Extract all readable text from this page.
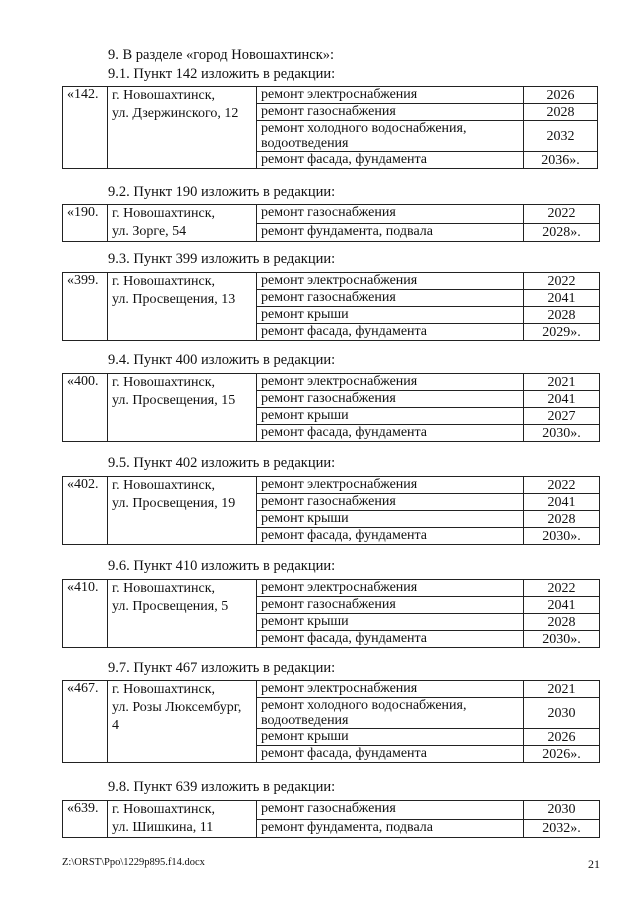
9. В разделе «город Новошахтинск»:
9.1. Пункт 142 изложить в редакции:
«142.	г. Новошахтинск,
ул. Дзержинского, 12	ремонт электроснабжения	2026
		ремонт газоснабжения	2028
		ремонт холодного водоснабжения, водоотведения	2032
		ремонт фасада, фундамента	2036».
9.2. Пункт 190 изложить в редакции:
«190.	г. Новошахтинск,
ул. Зорге, 54	ремонт газоснабжения	2022
		ремонт фундамента, подвала	2028».
9.3. Пункт 399 изложить в редакции:
«399.	г. Новошахтинск,
ул. Просвещения, 13	ремонт электроснабжения	2022
		ремонт газоснабжения	2041
		ремонт крыши	2028
		ремонт фасада, фундамента	2029».
9.4. Пункт 400 изложить в редакции:
«400.	г. Новошахтинск,
ул. Просвещения, 15	ремонт электроснабжения	2021
		ремонт газоснабжения	2041
		ремонт крыши	2027
		ремонт фасада, фундамента	2030».
9.5. Пункт 402 изложить в редакции:
«402.	г. Новошахтинск,
ул. Просвещения, 19	ремонт электроснабжения	2022
		ремонт газоснабжения	2041
		ремонт крыши	2028
		ремонт фасада, фундамента	2030».
9.6. Пункт 410 изложить в редакции:
«410.	г. Новошахтинск,
ул. Просвещения, 5	ремонт электроснабжения	2022
		ремонт газоснабжения	2041
		ремонт крыши	2028
		ремонт фасада, фундамента	2030».
9.7. Пункт 467 изложить в редакции:
«467.	г. Новошахтинск,
ул. Розы Люксембург,
4	ремонт электроснабжения	2021
		ремонт холодного водоснабжения, водоотведения	2030
		ремонт крыши	2026
		ремонт фасада, фундамента	2026».
9.8. Пункт 639 изложить в редакции:
«639.	г. Новошахтинск,
ул. Шишкина, 11	ремонт газоснабжения	2030
		ремонт фундамента, подвала	2032».
Z:\ORST\Ppo\1229p895.f14.docx	21
